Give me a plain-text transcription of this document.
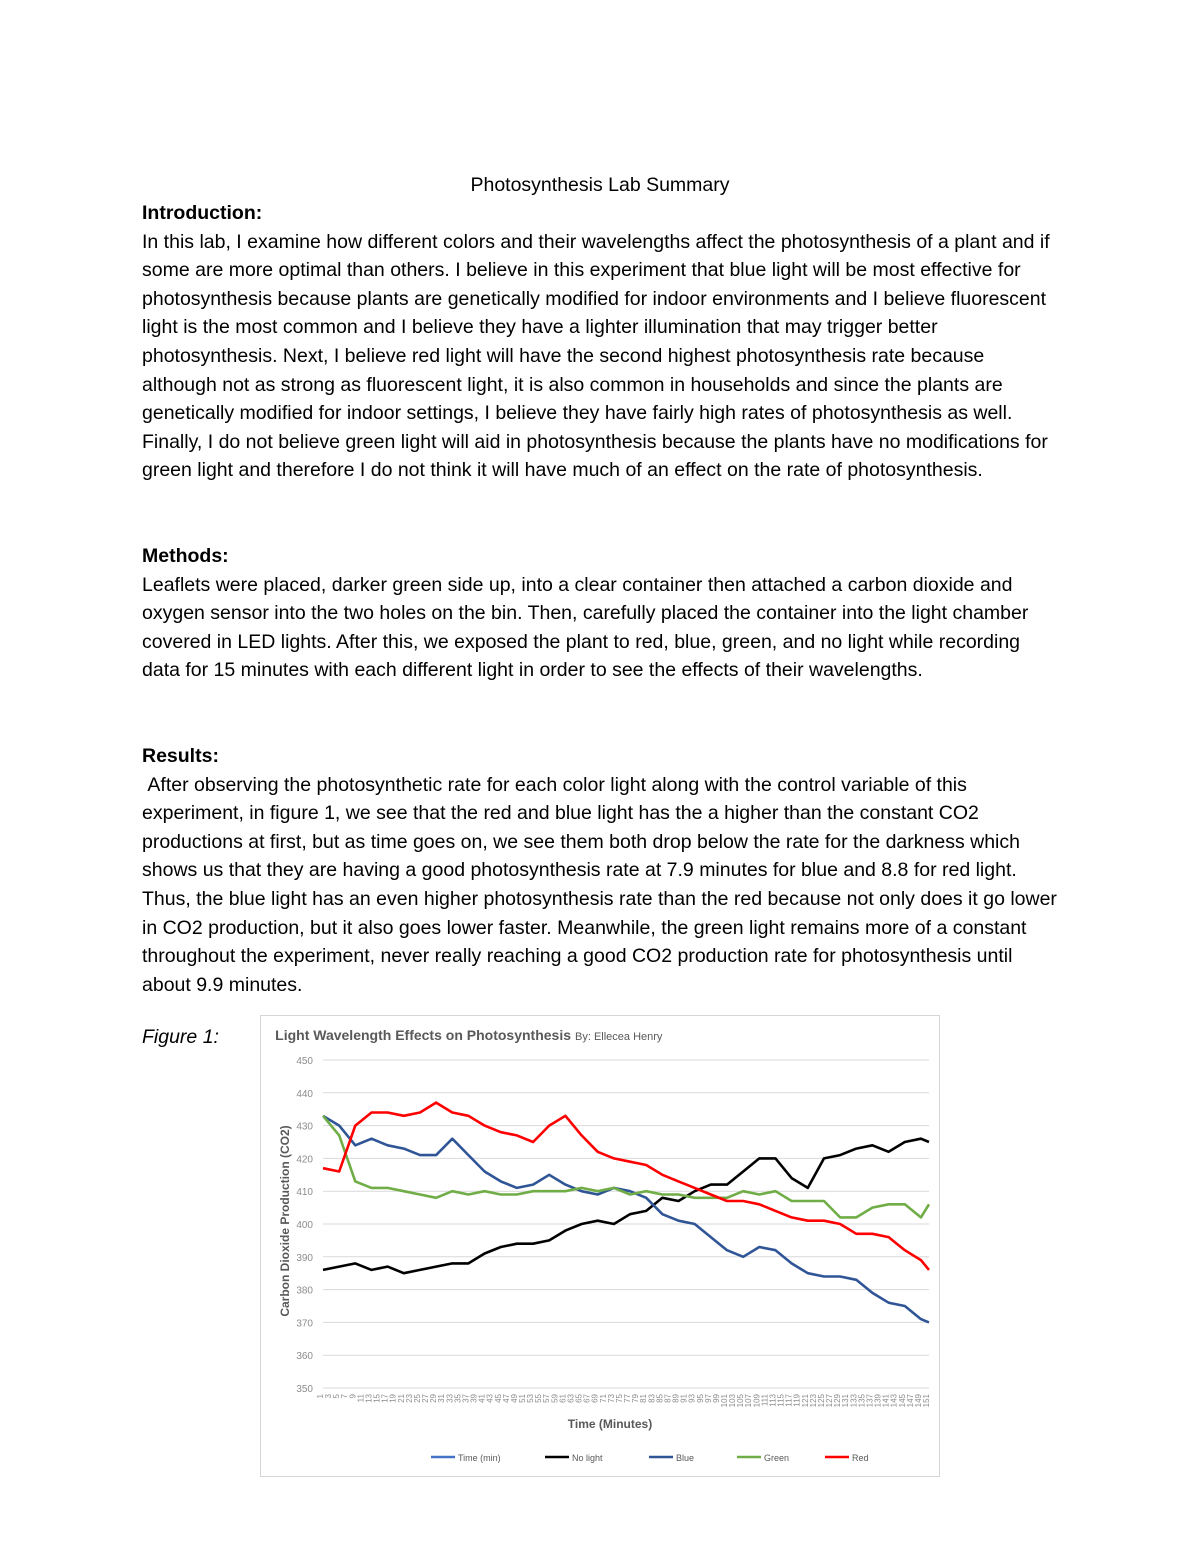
Photosynthesis Lab Summary
Introduction:

In this lab, I examine how different colors and their wavelengths affect the photosynthesis of a plant and if some are more optimal than others. I believe in this experiment that blue light will be most effective for photosynthesis because plants are genetically modified for indoor environments and I believe fluorescent light is the most common and I believe they have a lighter illumination that may trigger better photosynthesis. Next, I believe red light will have the second highest photosynthesis rate because although not as strong as fluorescent light, it is also common in households and since the plants are genetically modified for indoor settings, I believe they have fairly high rates of photosynthesis as well. Finally, I do not believe green light will aid in photosynthesis because the plants have no modifications for green light and therefore I do not think it will have much of an effect on the rate of photosynthesis.

Methods:

Leaflets were placed, darker green side up, into a clear container then attached a carbon dioxide and oxygen sensor into the two holes on the bin. Then, carefully placed the container into the light chamber covered in LED lights. After this, we exposed the plant to red, blue, green, and no light while recording data for 15 minutes with each different light in order to see the effects of their wavelengths.

Results:

After observing the photosynthetic rate for each color light along with the control variable of this experiment, in figure 1, we see that the red and blue light has the a higher than the constant CO2 productions at first, but as time goes on, we see them both drop below the rate for the darkness which shows us that they are having a good photosynthesis rate at 7.9 minutes for blue and 8.8 for red light. Thus, the blue light has an even higher photosynthesis rate than the red because not only does it go lower in CO2 production, but it also goes lower faster. Meanwhile, the green light remains more of a constant throughout the experiment, never really reaching a good CO2 production rate for photosynthesis until about 9.9 minutes.

Figure 1:	Light Wavelength Effects on Photosynthesis By: Ellecea Henry
Time (Minutes)
Carbon Dioxide Production (CO2)
350
360
370
380
390
400
410
420
430
440
450
1 3 5 7 9 11 13 15 17 19 21 23 25 27 29 31 33 35 37 39 41 43 45 47 49 51 53 55 57 59 61 63 65 67 69 71 73 75 77 79 81 83 85 87 89 91 93 95 97 99 101 103 105 107 109 111 113 115 117 119 121 123 125 127 129 131 133 135 137 139 141 143 145 147 149 151
Time (min)	No light	Blue	Green	Red
